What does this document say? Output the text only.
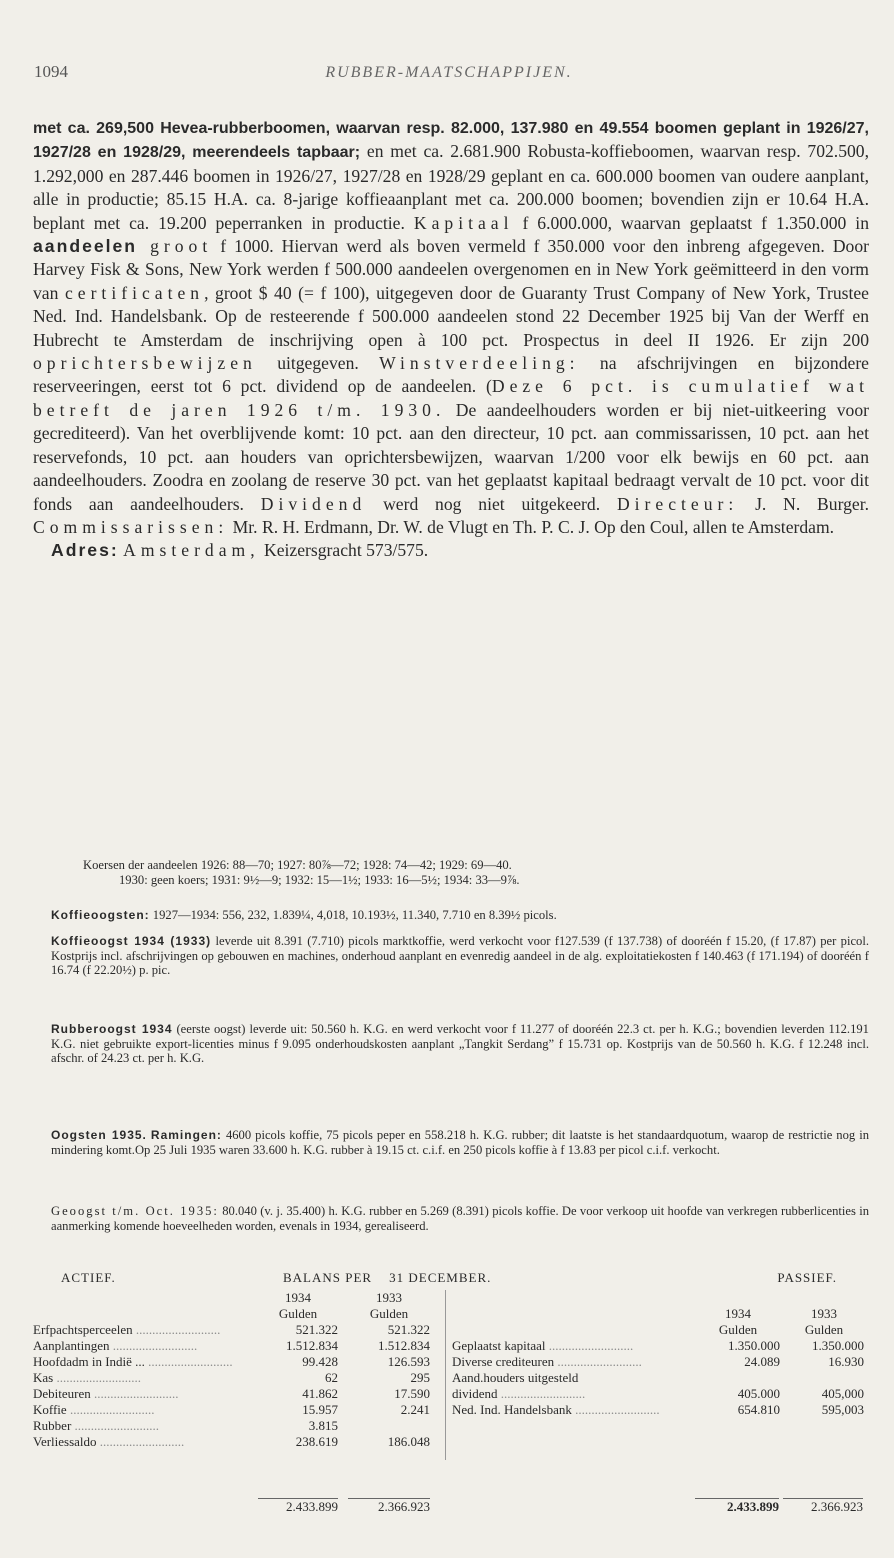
1094	RUBBER-MAATSCHAPPIJEN.

met ca. 269,500 Hevea-rubberboomen, waarvan resp. 82.000, 137.980 en 49.554 boomen geplant in 1926/27, 1927/28 en 1928/29, meerendeels tapbaar; en met ca. 2.681.900 Robusta-koffieboomen, waarvan resp. 702.500, 1.292,000 en 287.446 boomen in 1926/27, 1927/28 en 1928/29 geplant en ca. 600.000 boomen van oudere aanplant, alle in productie; 85.15 H.A. ca. 8-jarige koffieaanplant met ca. 200.000 boomen; bovendien zijn er 10.64 H.A. beplant met ca. 19.200 peperranken in productie. Kapitaal f 6.000.000, waarvan geplaatst f 1.350.000 in aandeelen groot f 1000. Hiervan werd als boven vermeld f 350.000 voor den inbreng afgegeven. Door Harvey Fisk & Sons, New York werden f 500.000 aandeelen overgenomen en in New York geëmitteerd in den vorm van certificaten, groot $ 40 (= f 100), uitgegeven door de Guaranty Trust Company of New York, Trustee Ned. Ind. Handelsbank. Op de resteerende f 500.000 aandeelen stond 22 December 1925 bij Van der Werff en Hubrecht te Amsterdam de inschrijving open à 100 pct. Prospectus in deel II 1926. Er zijn 200 oprichtersbewijzen uitgegeven. Winstverdeeling: na afschrijvingen en bijzondere reserveeringen, eerst tot 6 pct. dividend op de aandeelen. (Deze 6 pct. is cumulatief wat betreft de jaren 1926 t/m. 1930. De aandeelhouders worden er bij niet-uitkeering voor gecrediteerd). Van het overblijvende komt: 10 pct. aan den directeur, 10 pct. aan commissarissen, 10 pct. aan het reservefonds, 10 pct. aan houders van oprichtersbewijzen, waarvan 1/200 voor elk bewijs en 60 pct. aan aandeelhouders. Zoodra en zoolang de reserve 30 pct. van het geplaatst kapitaal bedraagt vervalt de 10 pct. voor dit fonds aan aandeelhouders. Dividend werd nog niet uitgekeerd. Directeur: J. N. Burger. Commissarissen: Mr. R. H. Erdmann, Dr. W. de Vlugt en Th. P. C. J. Op den Coul, allen te Amsterdam.

Adres: Amsterdam, Keizersgracht 573/575.

Koersen der aandeelen 1926: 88—70; 1927: 80⅞—72; 1928: 74—42; 1929: 69—40.
1930: geen koers; 1931: 9½—9; 1932: 15—1½; 1933: 16—5½; 1934: 33—9⅞.
Koffieoogsten: 1927—1934: 556, 232, 1.839¼, 4,018, 10.193½, 11.340, 7.710 en 8.39½ picols.
Koffieoogst 1934 (1933) leverde uit 8.391 (7.710) picols marktkoffie, werd verkocht voor f127.539 (f 137.738) of dooréén f 15.20, (f 17.87) per picol. Kostprijs incl. afschrijvingen op gebouwen en machines, onderhoud aanplant en evenredig aandeel in de alg. exploitatiekosten f 140.463 (f 171.194) of dooréén f 16.74 (f 22.20½) p. pic.
Rubberoogst 1934 (eerste oogst) leverde uit: 50.560 h. K.G. en werd verkocht voor f 11.277 of dooréén 22.3 ct. per h. K.G.; bovendien leverden 112.191 K.G. niet gebruikte export-licenties minus f 9.095 onderhoudskosten aanplant „Tangkit Serdang” f 15.731 op. Kostprijs van de 50.560 h. K.G. f 12.248 incl. afschr. of 24.23 ct. per h. K.G.
Oogsten 1935. Ramingen: 4600 picols koffie, 75 picols peper en 558.218 h. K.G. rubber; dit laatste is het standaardquotum, waarop de restrictie nog in mindering komt.Op 25 Juli 1935 waren 33.600 h. K.G. rubber à 19.15 ct. c.i.f. en 250 picols koffie à f 13.83 per picol c.i.f. verkocht.
Geoogst t/m. Oct. 1935: 80.040 (v. j. 35.400) h. K.G. rubber en 5.269 (8.391) picols koffie. De voor verkoop uit hoofde van verkregen rubberlicenties in aanmerking komende hoeveelheden worden, evenals in 1934, gerealiseerd.
ACTIEF.	BALANS PER 31 DECEMBER.	PASSIEF.
1934	1933
Gulden	Gulden
Erfpachtsperceelen .....	521.322	521.322
Aanplantingen .....	1.512.834	1.512.834
Hoofdadm in Indië ... .....	99.428	126.593
Kas .....	62	295
Debiteuren .....	41.862	17.590
Koffie .....	15.957	2.241
Rubber .....	3.815
Verliessaldo .....	238.619	186.048
1934	1933
Gulden	Gulden
Geplaatst kapitaal .....	1.350.000	1.350.000
Diverse crediteuren .....	24.089	16.930
Aand.houders uitgesteld
dividend .....	405.000	405,000
Ned. Ind. Handelsbank .....	654.810	595,003
2.433.899	2.366.923	2.433.899	2.366.923
